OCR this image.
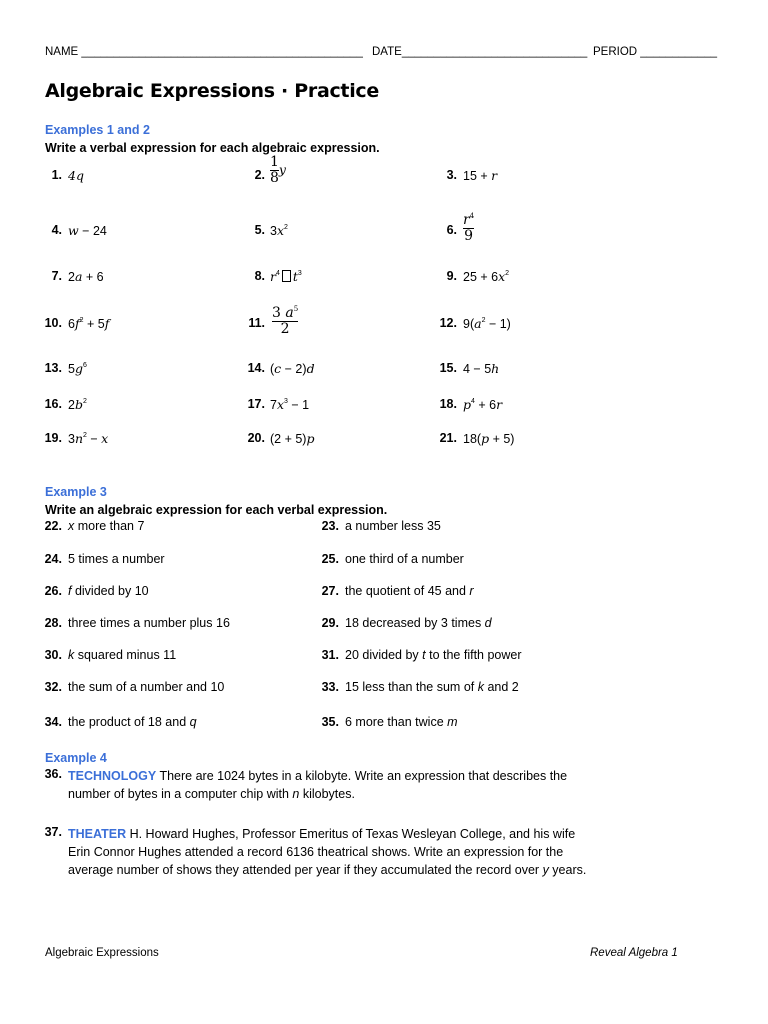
NAME ____________________________________________ DATE_____________________________ PERIOD ____________
Algebraic Expressions · Practice
Examples 1 and 2
Write a verbal expression for each algebraic expression.
1. 4q	2. $\frac{1}{8}$ y	3. 15 + r
4. w − 24	5. $3x^2$	6. $\frac{r^4}{9}$
7. 2a + 6	8. $r^4$ $t^3$	9. $25 + 6x^2$
10. $6f^2 + 5f$	11. $\frac{3 a^5}{2}$	12. $9(a^2 - 1)$
13. $5g^6$	14. (c − 2)d	15. 4 − 5h
16. $2b^2$	17. $7x^3 - 1$	18. $p^4 + 6r$
19. $3n^2 - x$	20. (2 + 5)p	21. 18(p + 5)
Example 3
Write an algebraic expression for each verbal expression.
22. x more than 7	23. a number less 35
24. 5 times a number	25. one third of a number
26. f divided by 10	27. the quotient of 45 and r
28. three times a number plus 16	29. 18 decreased by 3 times d
30. k squared minus 11	31. 20 divided by t to the fifth power
32. the sum of a number and 10	33. 15 less than the sum of k and 2
34. the product of 18 and q	35. 6 more than twice m
Example 4
36. TECHNOLOGY There are 1024 bytes in a kilobyte. Write an expression that describes the number of bytes in a computer chip with n kilobytes.
37. THEATER H. Howard Hughes, Professor Emeritus of Texas Wesleyan College, and his wife Erin Connor Hughes attended a record 6136 theatrical shows. Write an expression for the average number of shows they attended per year if they accumulated the record over y years.
Algebraic Expressions	Reveal Algebra 1
